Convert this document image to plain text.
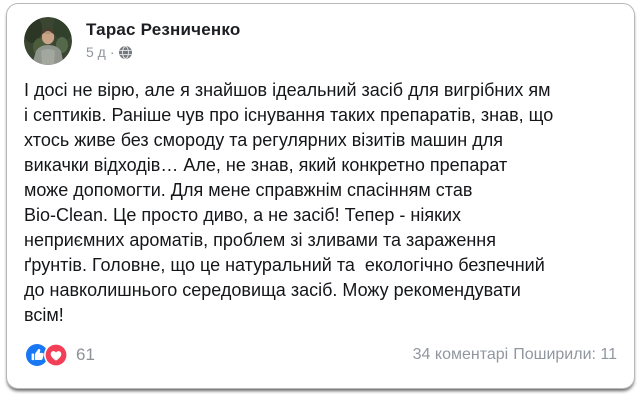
Тарас Резниченко
5 д ·
І досі не вірю, але я знайшов ідеальний засіб для вигрібних ям
і септиків. Раніше чув про існування таких препаратів, знав, що
хтось живе без смороду та регулярних візитів машин для
викачки відходів… Але, не знав, який конкретно препарат
може допомогти. Для мене справжнім спасінням став
Bio-Clean. Це просто диво, а не засіб! Тепер - ніяких
неприємних ароматів, проблем зі зливами та зараження
ґрунтів. Головне, що це натуральний та  екологічно безпечний
до навколишнього середовища засіб. Можу рекомендувати
всім!
61	34 коментарі Поширили: 11
